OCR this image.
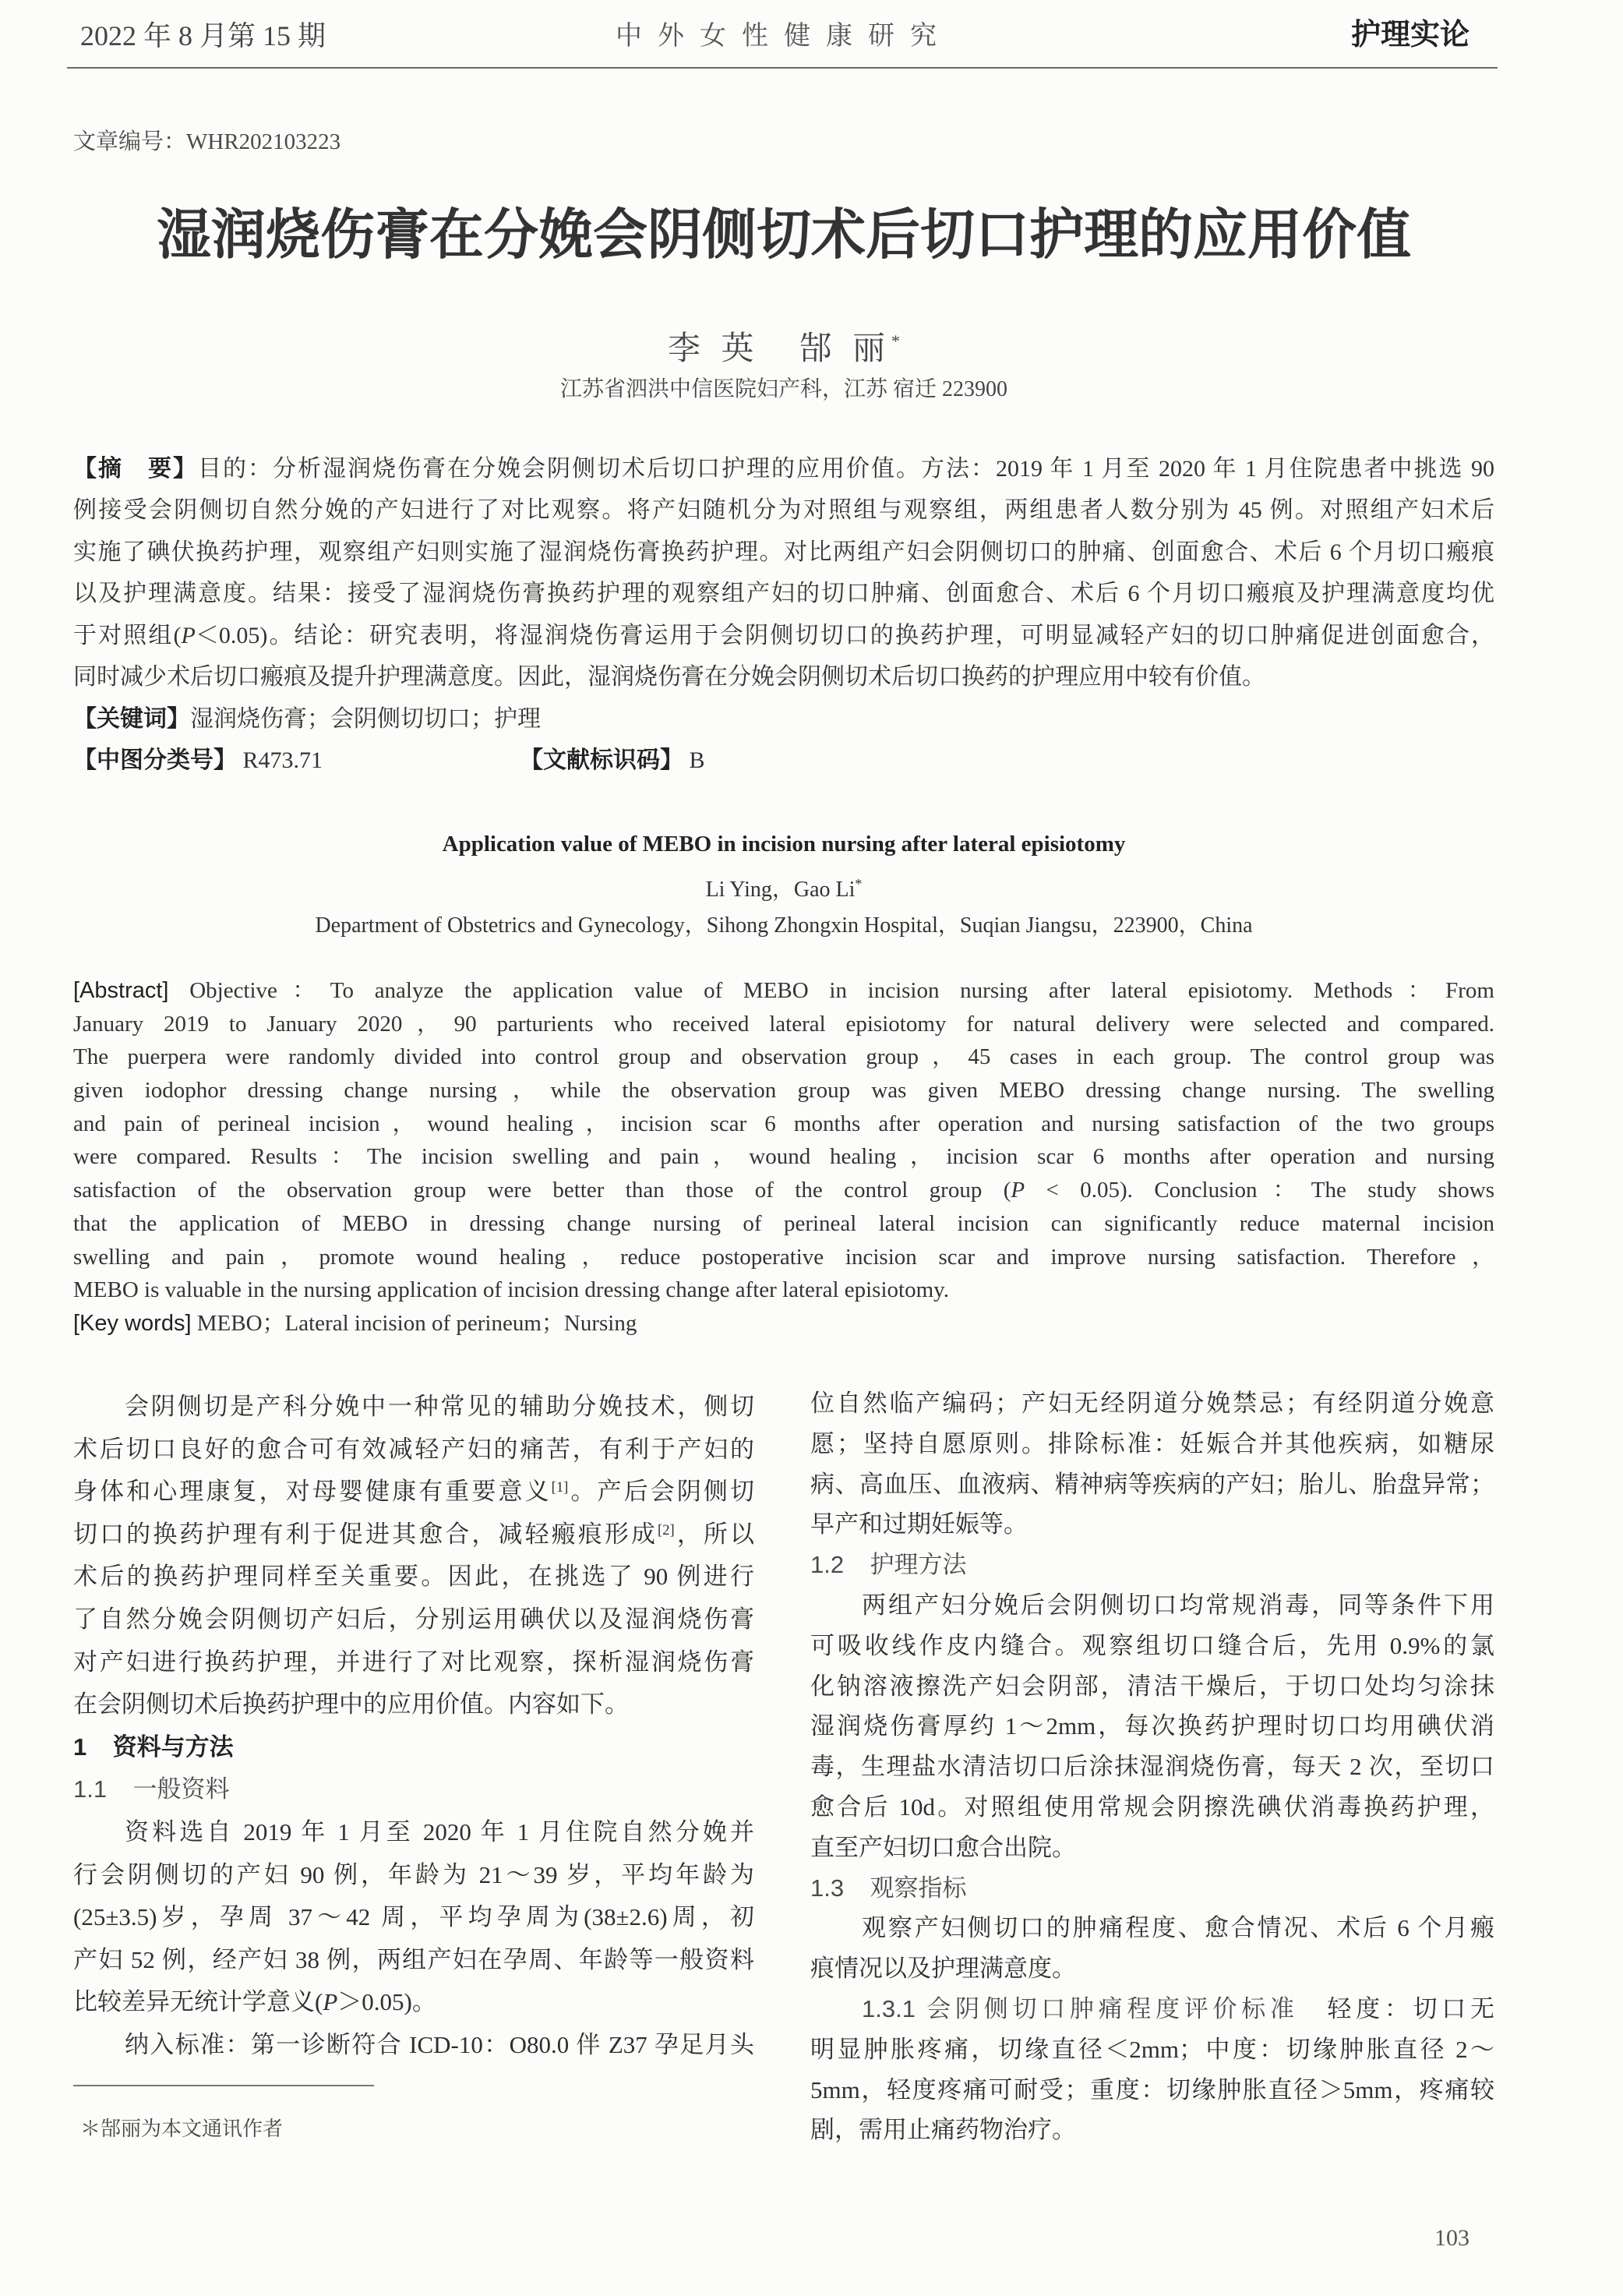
2022 年 8 月第 15 期	中外女性健康研究	护理实论
文章编号：WHR202103223
湿润烧伤膏在分娩会阴侧切术后切口护理的应用价值
李 英　郜 丽*
江苏省泗洪中信医院妇产科，江苏 宿迁 223900
【摘　要】目的：分析湿润烧伤膏在分娩会阴侧切术后切口护理的应用价值。方法：2019 年 1 月至 2020 年 1 月住院患者中挑选 90
例接受会阴侧切自然分娩的产妇进行了对比观察。将产妇随机分为对照组与观察组，两组患者人数分别为 45 例。对照组产妇术后
实施了碘伏换药护理，观察组产妇则实施了湿润烧伤膏换药护理。对比两组产妇会阴侧切口的肿痛、创面愈合、术后 6 个月切口瘢痕
以及护理满意度。结果：接受了湿润烧伤膏换药护理的观察组产妇的切口肿痛、创面愈合、术后 6 个月切口瘢痕及护理满意度均优
于对照组(P＜0.05)。结论：研究表明，将湿润烧伤膏运用于会阴侧切切口的换药护理，可明显减轻产妇的切口肿痛促进创面愈合，
同时减少术后切口瘢痕及提升护理满意度。因此，湿润烧伤膏在分娩会阴侧切术后切口换药的护理应用中较有价值。
【关键词】湿润烧伤膏；会阴侧切切口；护理
【中图分类号】 R473.71	【文献标识码】 B
Application value of MEBO in incision nursing after lateral episiotomy
Li Ying，Gao Li*
Department of Obstetrics and Gynecology，Sihong Zhongxin Hospital，Suqian Jiangsu，223900，China
[Abstract] Objective：To analyze the application value of MEBO in incision nursing after lateral episiotomy. Methods：From
January 2019 to January 2020，90 parturients who received lateral episiotomy for natural delivery were selected and compared.
The puerpera were randomly divided into control group and observation group，45 cases in each group. The control group was
given iodophor dressing change nursing，while the observation group was given MEBO dressing change nursing. The swelling
and pain of perineal incision，wound healing，incision scar 6 months after operation and nursing satisfaction of the two groups
were compared. Results：The incision swelling and pain，wound healing，incision scar 6 months after operation and nursing
satisfaction of the observation group were better than those of the control group (P < 0.05). Conclusion：The study shows
that the application of MEBO in dressing change nursing of perineal lateral incision can significantly reduce maternal incision
swelling and pain，promote wound healing，reduce postoperative incision scar and improve nursing satisfaction. Therefore，
MEBO is valuable in the nursing application of incision dressing change after lateral episiotomy.
[Key words] MEBO；Lateral incision of perineum；Nursing
会阴侧切是产科分娩中一种常见的辅助分娩技术，侧切
术后切口良好的愈合可有效减轻产妇的痛苦，有利于产妇的
身体和心理康复，对母婴健康有重要意义[1]。产后会阴侧切
切口的换药护理有利于促进其愈合，减轻瘢痕形成[2]，所以
术后的换药护理同样至关重要。因此，在挑选了 90 例进行
了自然分娩会阴侧切产妇后，分别运用碘伏以及湿润烧伤膏
对产妇进行换药护理，并进行了对比观察，探析湿润烧伤膏
在会阴侧切术后换药护理中的应用价值。内容如下。
1 资料与方法
1.1 一般资料
资料选自 2019 年 1 月至 2020 年 1 月住院自然分娩并
行会阴侧切的产妇 90 例，年龄为 21～39 岁，平均年龄为
(25±3.5)岁，孕周 37～42 周，平均孕周为(38±2.6)周，初
产妇 52 例，经产妇 38 例，两组产妇在孕周、年龄等一般资料
比较差异无统计学意义(P＞0.05)。
纳入标准：第一诊断符合 ICD-10：O80.0 伴 Z37 孕足月头
位自然临产编码；产妇无经阴道分娩禁忌；有经阴道分娩意
愿；坚持自愿原则。排除标准：妊娠合并其他疾病，如糖尿
病、高血压、血液病、精神病等疾病的产妇；胎儿、胎盘异常；
早产和过期妊娠等。
1.2 护理方法
两组产妇分娩后会阴侧切口均常规消毒，同等条件下用
可吸收线作皮内缝合。观察组切口缝合后，先用 0.9%的氯
化钠溶液擦洗产妇会阴部，清洁干燥后，于切口处均匀涂抹
湿润烧伤膏厚约 1～2mm，每次换药护理时切口均用碘伏消
毒，生理盐水清洁切口后涂抹湿润烧伤膏，每天 2 次，至切口
愈合后 10d。对照组使用常规会阴擦洗碘伏消毒换药护理，
直至产妇切口愈合出院。
1.3 观察指标
观察产妇侧切口的肿痛程度、愈合情况、术后 6 个月瘢
痕情况以及护理满意度。
1.3.1 会阴侧切口肿痛程度评价标准　轻度：切口无
明显肿胀疼痛，切缘直径＜2mm；中度：切缘肿胀直径 2～
5mm，轻度疼痛可耐受；重度：切缘肿胀直径＞5mm，疼痛较
剧，需用止痛药物治疗。
＊郜丽为本文通讯作者
103
